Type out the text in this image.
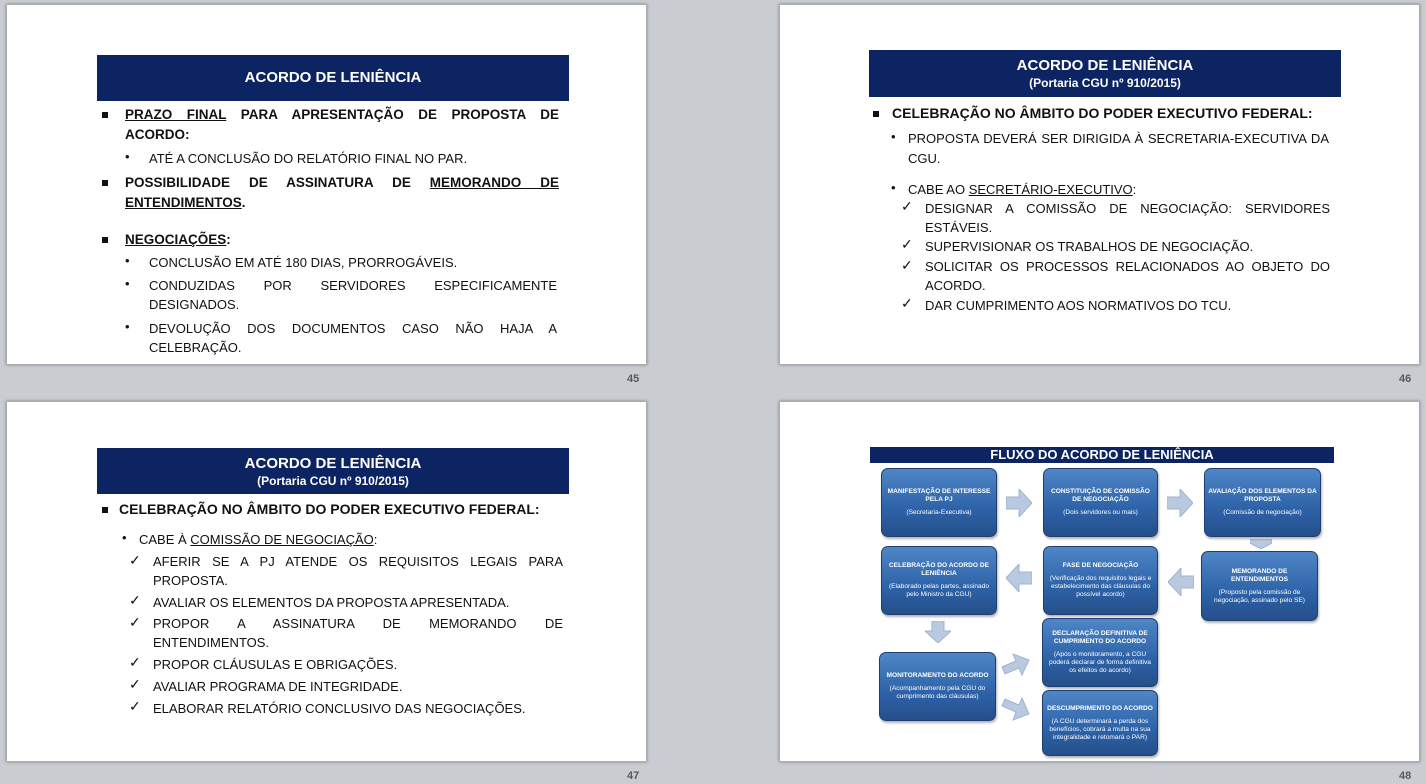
ACORDO DE LENIÊNCIA
PRAZO FINAL PARA APRESENTAÇÃO DE PROPOSTA DE
ACORDO:
• ATÉ A CONCLUSÃO DO RELATÓRIO FINAL NO PAR.
POSSIBILIDADE DE ASSINATURA DE MEMORANDO DE
ENTENDIMENTOS.
NEGOCIAÇÕES:
• CONCLUSÃO EM ATÉ 180 DIAS, PRORROGÁVEIS.
• CONDUZIDAS POR SERVIDORES ESPECIFICAMENTE
DESIGNADOS.
• DEVOLUÇÃO DOS DOCUMENTOS CASO NÃO HAJA A
CELEBRAÇÃO.
45
ACORDO DE LENIÊNCIA
(Portaria CGU nº 910/2015)
CELEBRAÇÃO NO ÂMBITO DO PODER EXECUTIVO FEDERAL:
• PROPOSTA DEVERÁ SER DIRIGIDA À SECRETARIA-EXECUTIVA DA
CGU.
• CABE AO SECRETÁRIO-EXECUTIVO:
✓ DESIGNAR A COMISSÃO DE NEGOCIAÇÃO: SERVIDORES
ESTÁVEIS.
✓ SUPERVISIONAR OS TRABALHOS DE NEGOCIAÇÃO.
✓ SOLICITAR OS PROCESSOS RELACIONADOS AO OBJETO DO
ACORDO.
✓ DAR CUMPRIMENTO AOS NORMATIVOS DO TCU.
46
ACORDO DE LENIÊNCIA
(Portaria CGU nº 910/2015)
CELEBRAÇÃO NO ÂMBITO DO PODER EXECUTIVO FEDERAL:
• CABE À COMISSÃO DE NEGOCIAÇÃO:
✓ AFERIR SE A PJ ATENDE OS REQUISITOS LEGAIS PARA
PROPOSTA.
✓ AVALIAR OS ELEMENTOS DA PROPOSTA APRESENTADA.
✓ PROPOR A ASSINATURA DE MEMORANDO DE
ENTENDIMENTOS.
✓ PROPOR CLÁUSULAS E OBRIGAÇÕES.
✓ AVALIAR PROGRAMA DE INTEGRIDADE.
✓ ELABORAR RELATÓRIO CONCLUSIVO DAS NEGOCIAÇÕES.
47
FLUXO DO ACORDO DE LENIÊNCIA
MANIFESTAÇÃO DE INTERESSE PELA PJ
(Secretaria-Executiva)
CONSTITUIÇÃO DE COMISSÃO DE NEGOCIAÇÃO
(Dois servidores ou mais)
AVALIAÇÃO DOS ELEMENTOS DA PROPOSTA
(Comissão de negociação)
MEMORANDO DE ENTENDIMENTOS
(Proposto pela comissão de negociação, assinado pelo SE)
FASE DE NEGOCIAÇÃO
(Verificação dos requisitos legais e estabelecimento das cláusulas do possível acordo)
CELEBRAÇÃO DO ACORDO DE LENIÊNCIA
(Elaborado pelas partes, assinado pelo Ministro da CGU)
MONITORAMENTO DO ACORDO
(Acompanhamento pela CGU do cumprimento das cláusulas)
DECLARAÇÃO DEFINITIVA DE CUMPRIMENTO DO ACORDO
(Após o monitoramento, a CGU poderá declarar de forma definitiva os efeitos do acordo)
DESCUMPRIMENTO DO ACORDO
(A CGU determinará a perda dos benefícios, cobrará a multa na sua integralidade e retomará o PAR)
48
